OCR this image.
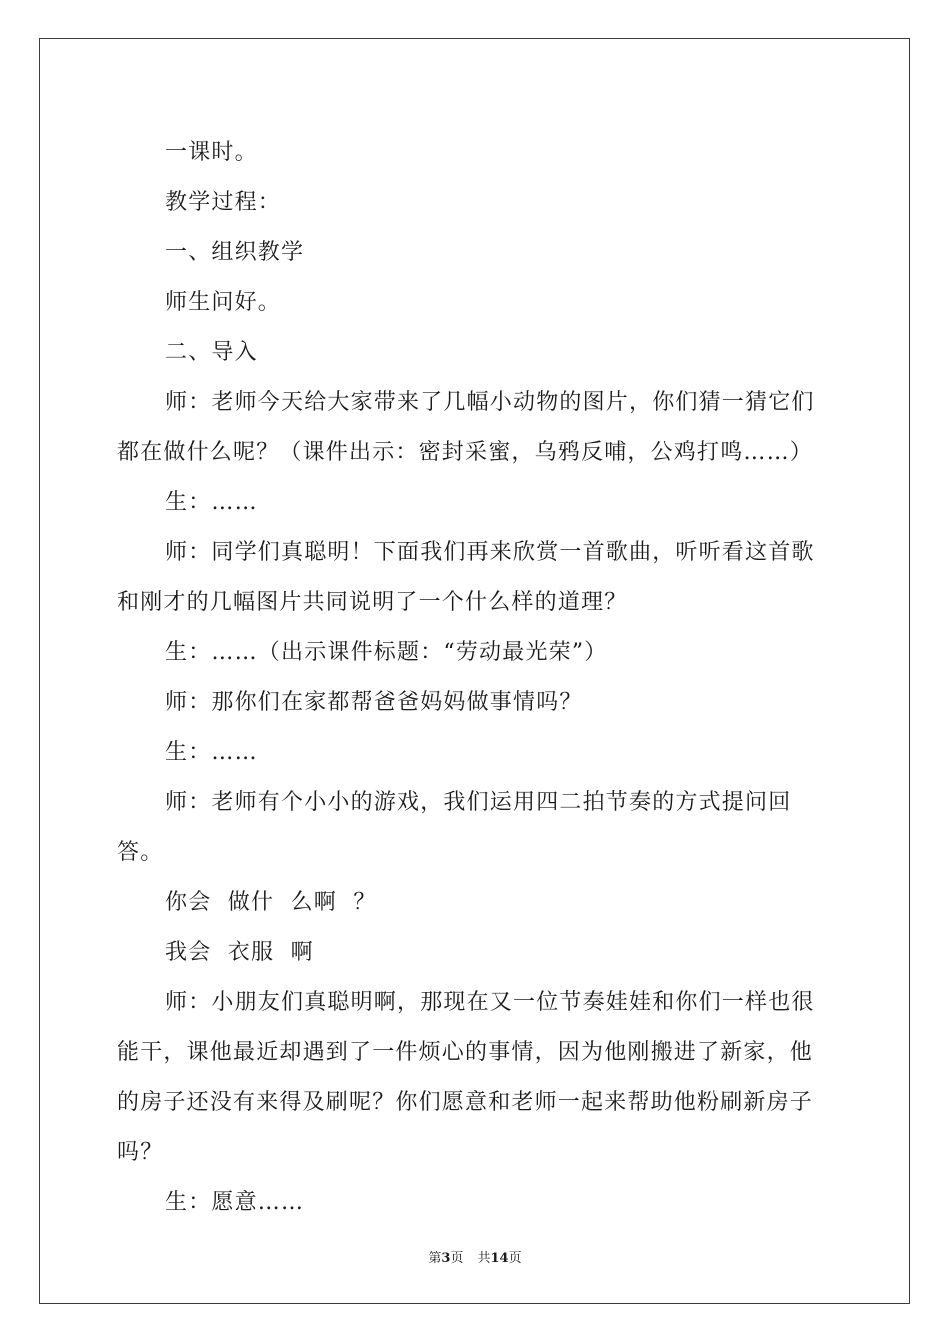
一课时。

教学过程：

一、组织教学

师生问好。

二、导入

师：老师今天给大家带来了几幅小动物的图片，你们猜一猜它们都在做什么呢？（课件出示：密封采蜜，乌鸦反哺，公鸡打鸣……）

生：……

师：同学们真聪明！下面我们再来欣赏一首歌曲，听听看这首歌和刚才的几幅图片共同说明了一个什么样的道理？

生：……（出示课件标题：“劳动最光荣”）

师：那你们在家都帮爸爸妈妈做事情吗？

生：……

师：老师有个小小的游戏，我们运用四二拍节奏的方式提问回答。

你会  做什  么啊  ？

我会  衣服  啊

师：小朋友们真聪明啊，那现在又一位节奏娃娃和你们一样也很能干，课他最近却遇到了一件烦心的事情，因为他刚搬进了新家，他的房子还没有来得及刷呢？你们愿意和老师一起来帮助他粉刷新房子吗？

生：愿意……

第3页 共14页
